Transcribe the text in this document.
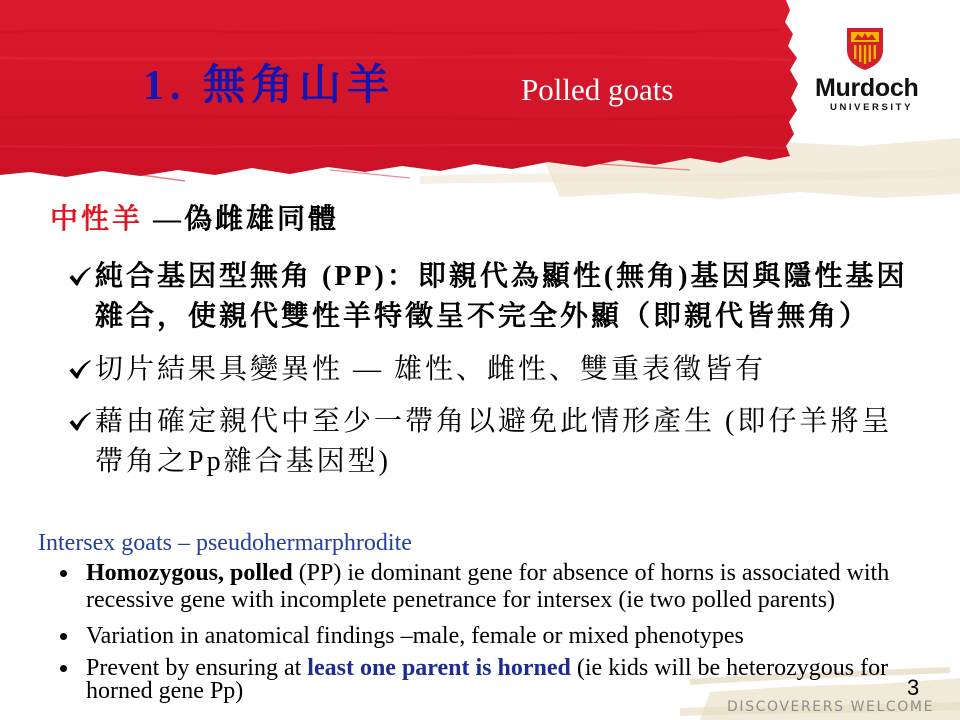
1. 無角山羊	Polled goats	Murdoch
UNIVERSITY
中性羊 —偽雌雄同體
純合基因型無角 (PP)：即親代為顯性(無角)基因與隱性基因
雜合，使親代雙性羊特徵呈不完全外顯（即親代皆無角）
切片結果具變異性 — 雄性、雌性、雙重表徵皆有
藉由確定親代中至少一帶角以避免此情形產生 (即仔羊將呈
帶角之Pp雜合基因型)
Intersex goats – pseudohermarphrodite
Homozygous, polled (PP) ie dominant gene for absence of horns is associated with
recessive gene with incomplete penetrance for intersex (ie two polled parents)
Variation in anatomical findings –male, female or mixed phenotypes
Prevent by ensuring at least one parent is horned (ie kids will be heterozygous for
horned gene Pp)	3
DISCOVERERS WELCOME
